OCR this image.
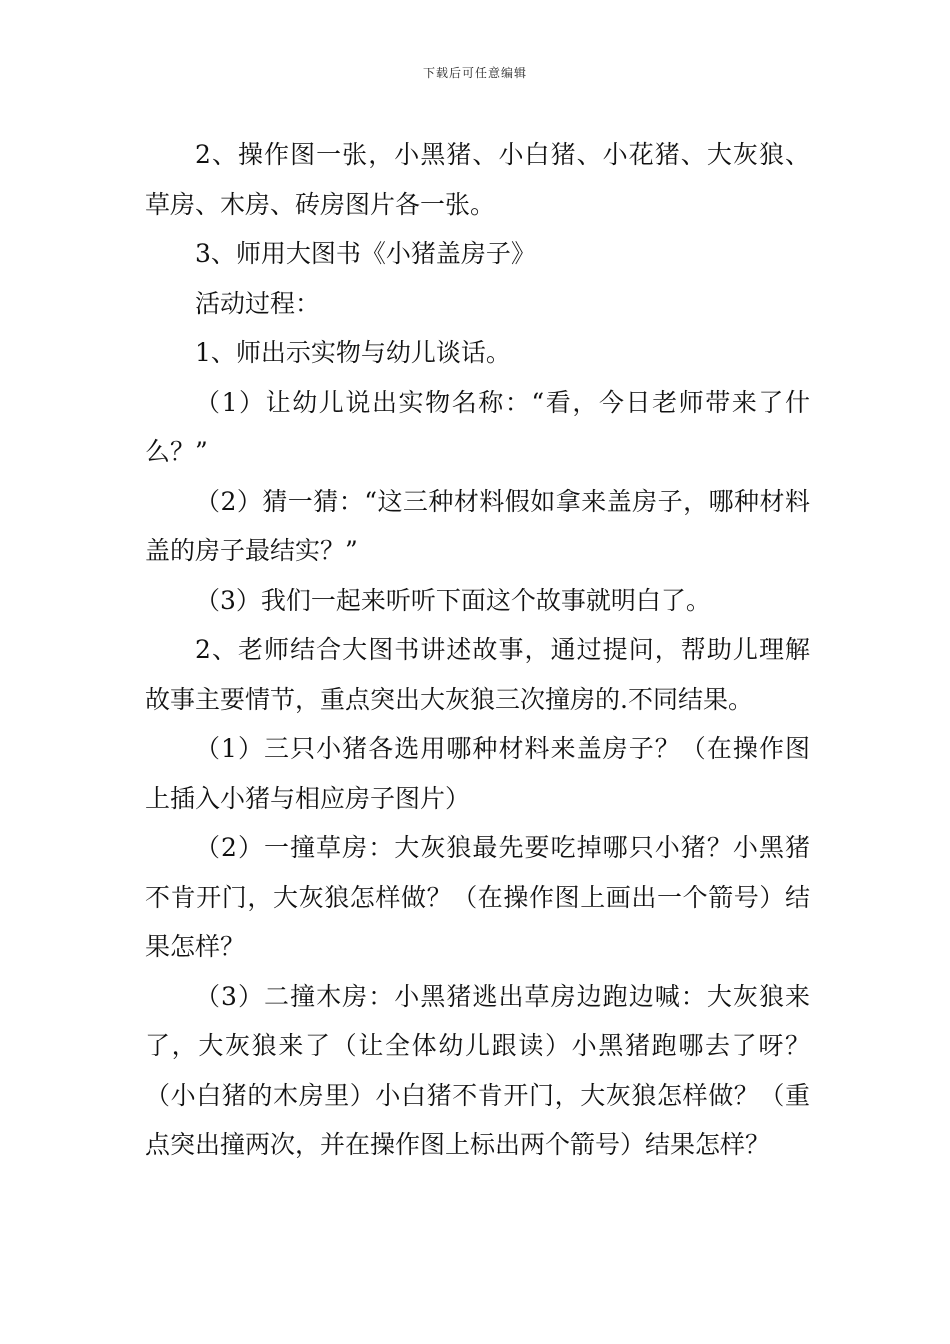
下载后可任意编辑

2、操作图一张，小黑猪、小白猪、小花猪、大灰狼、草房、木房、砖房图片各一张。

3、师用大图书《小猪盖房子》

活动过程：

1、师出示实物与幼儿谈话。

（1）让幼儿说出实物名称：“看，今日老师带来了什么？”

（2）猜一猜：“这三种材料假如拿来盖房子，哪种材料盖的房子最结实？”

（3）我们一起来听听下面这个故事就明白了。

2、老师结合大图书讲述故事，通过提问，帮助儿理解故事主要情节，重点突出大灰狼三次撞房的.不同结果。

（1）三只小猪各选用哪种材料来盖房子？（在操作图上插入小猪与相应房子图片）

（2）一撞草房：大灰狼最先要吃掉哪只小猪？小黑猪不肯开门，大灰狼怎样做？（在操作图上画出一个箭号）结果怎样？

（3）二撞木房：小黑猪逃出草房边跑边喊：大灰狼来了，大灰狼来了（让全体幼儿跟读）小黑猪跑哪去了呀？（小白猪的木房里）小白猪不肯开门，大灰狼怎样做？（重点突出撞两次，并在操作图上标出两个箭号）结果怎样？
